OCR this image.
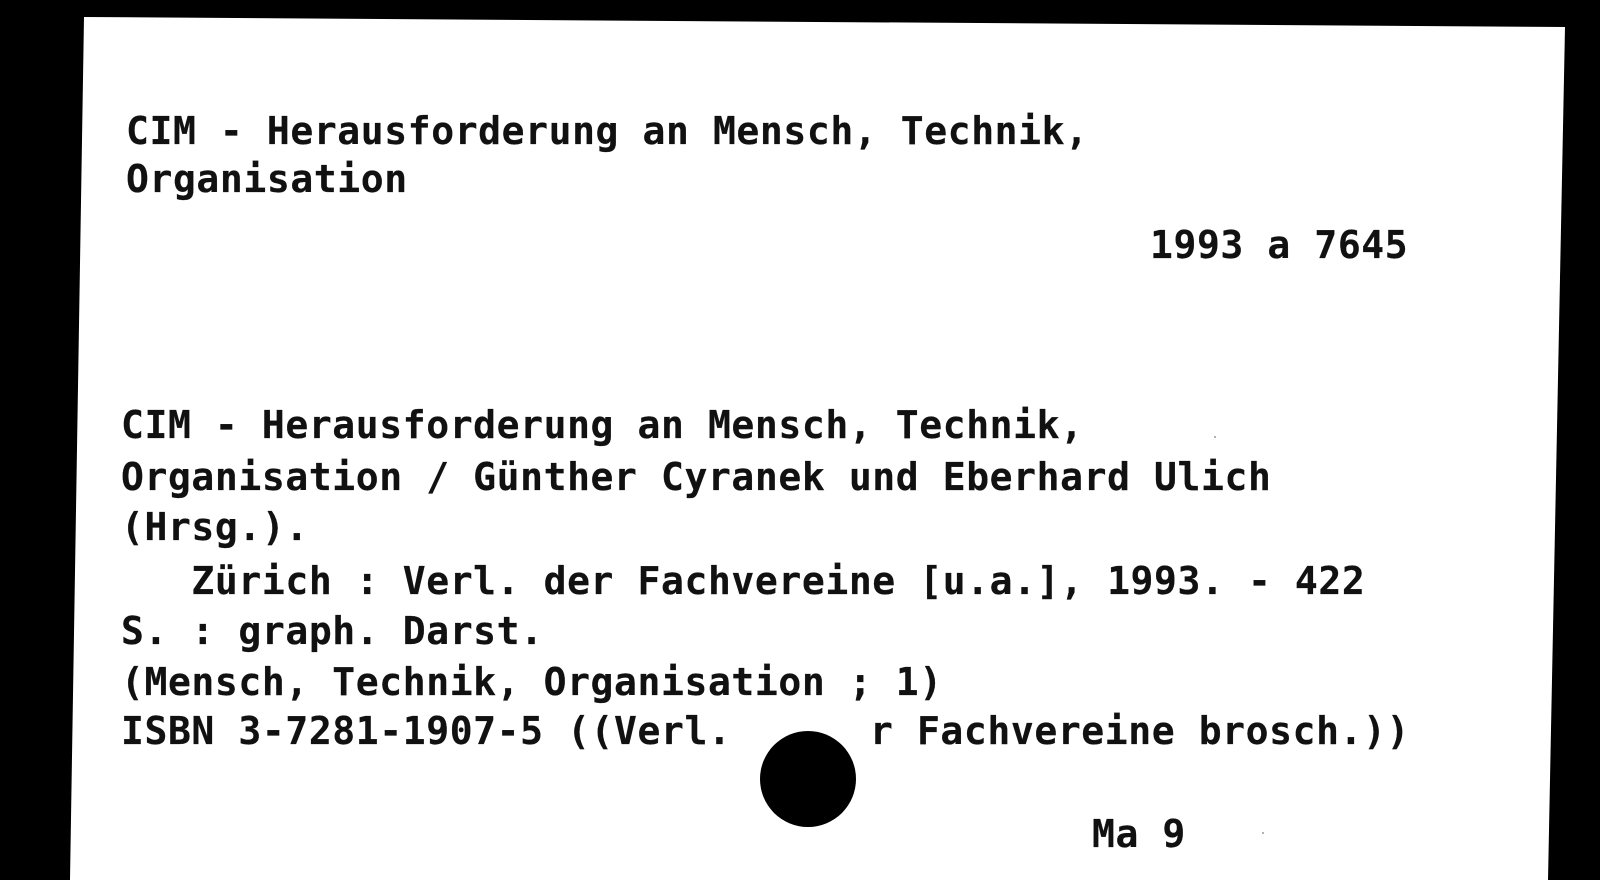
CIM - Herausforderung an Mensch, Technik,
Organisation
1993 a 7645
CIM - Herausforderung an Mensch, Technik,
Organisation / Günther Cyranek und Eberhard Ulich
(Hrsg.).
Zürich : Verl. der Fachvereine [u.a.], 1993. - 422
S. : graph. Darst.
(Mensch, Technik, Organisation ; 1)
ISBN 3-7281-1907-5 ((Verl.	r Fachvereine brosch.))
Ma 9
